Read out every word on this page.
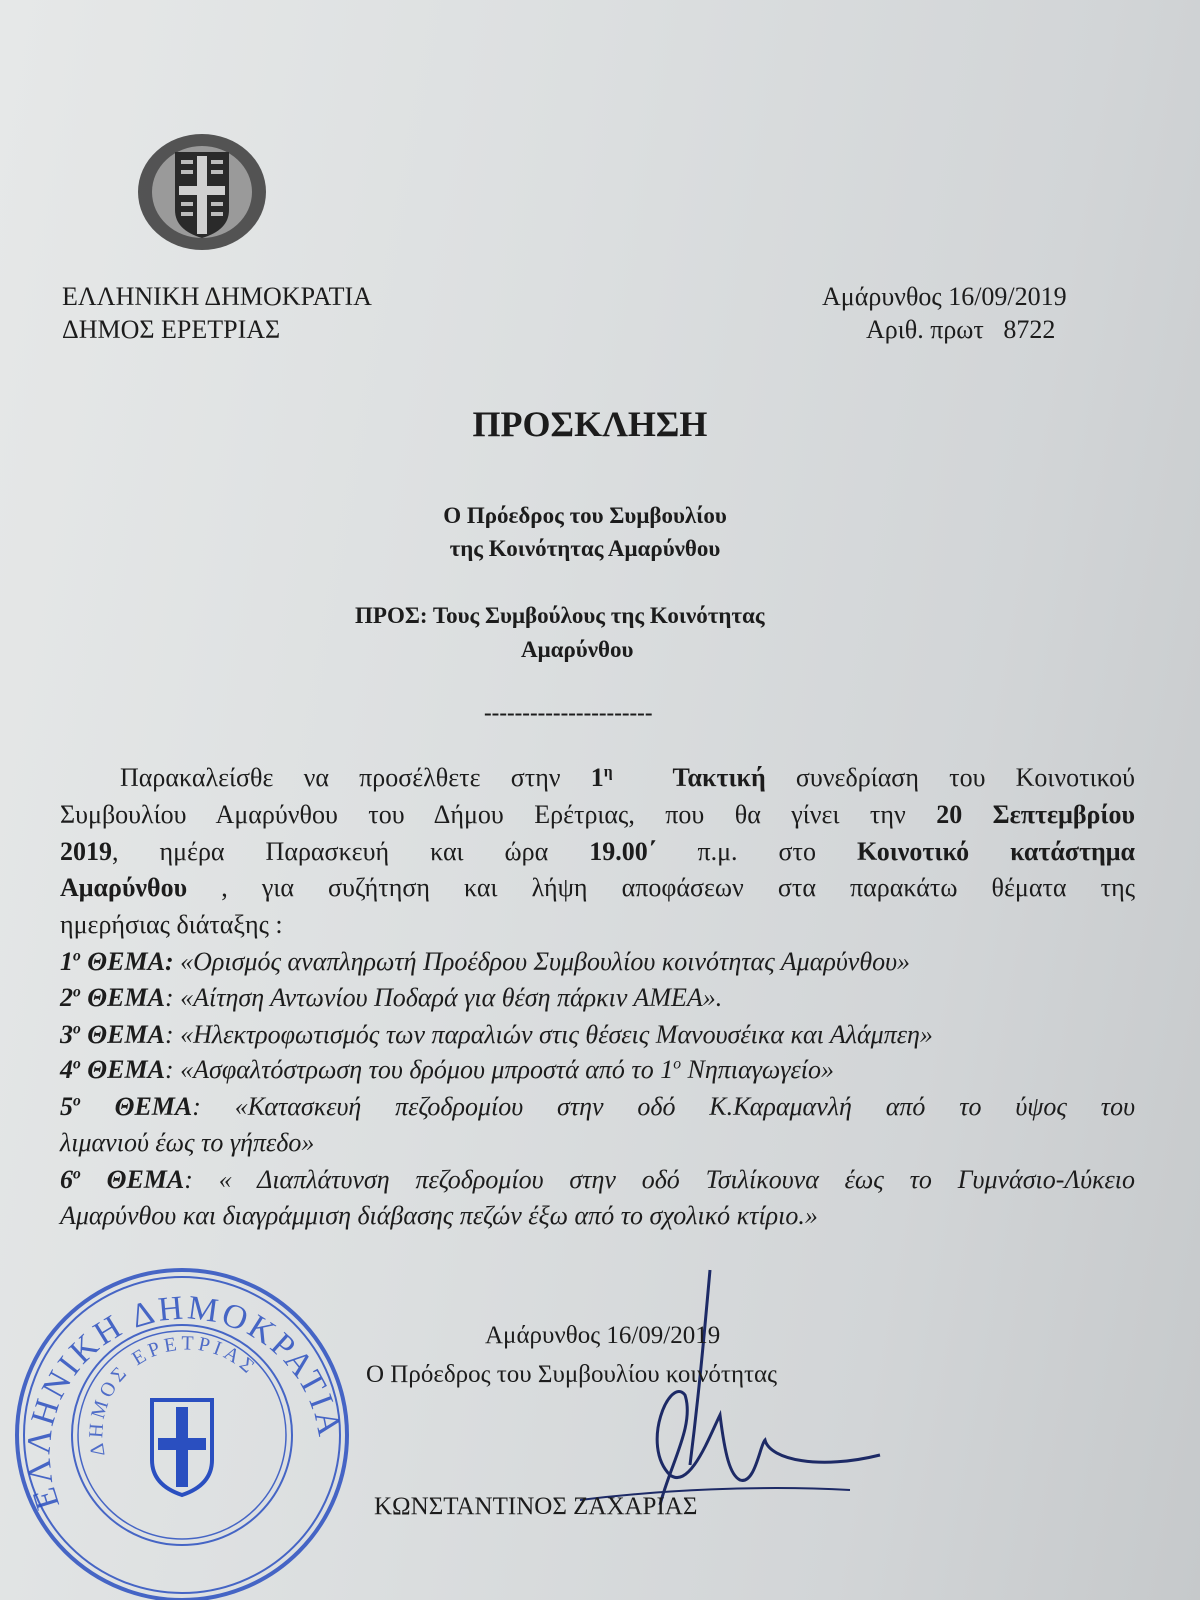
ΕΛΛΗΝΙΚΗ ΔΗΜΟΚΡΑΤΙΑ
ΔΗΜΟΣ ΕΡΕΤΡΙΑΣ
Αμάρυνθος 16/09/2019
Αριθ. πρωτ 8722
ΠΡΟΣΚΛΗΣΗ
Ο Πρόεδρος του Συμβουλίου
της Κοινότητας Αμαρύνθου
ΠΡΟΣ: Τους Συμβούλους της Κοινότητας
Αμαρύνθου
----------------------
Παρακαλείσθε να προσέλθετε στην $1^\eta$ Τακτική συνεδρίαση του Κοινοτικού
Συμβουλίου Αμαρύνθου του Δήμου Ερέτριας, που θα γίνει την 20 Σεπτεμβρίου
2019, ημέρα Παρασκευή και ώρα 19.00΄ π.μ. στο Κοινοτικό κατάστημα
Αμαρύνθου , για συζήτηση και λήψη αποφάσεων στα παρακάτω θέματα της
ημερήσιας διάταξης :
$1^o$ ΘΕΜΑ: «Ορισμός αναπληρωτή Προέδρου Συμβουλίου κοινότητας Αμαρύνθου»
$2^o$ ΘΕΜΑ: «Αίτηση Αντωνίου Ποδαρά για θέση πάρκιν ΑΜΕΑ».
$3^o$ ΘΕΜΑ: «Ηλεκτροφωτισμός των παραλιών στις θέσεις Μανουσέικα και Αλάμπεη»
$4^o$ ΘΕΜΑ: «Ασφαλτόστρωση του δρόμου μπροστά από το $1^o$ Νηπιαγωγείο»
$5^o$ ΘΕΜΑ: «Κατασκευή πεζοδρομίου στην οδό Κ.Καραμανλή από το ύψος του
λιμανιού έως το γήπεδο»
$6^o$ ΘΕΜΑ: « Διαπλάτυνση πεζοδρομίου στην οδό Τσιλίκουνα έως το Γυμνάσιο-Λύκειο
Αμαρύνθου και διαγράμμιση διάβασης πεζών έξω από το σχολικό κτίριο.»
ΕΛΛΗΝΙΚΗ ΔΗΜΟΚΡΑΤΙΑ
ΔΗΜΟΣ ΕΡΕΤΡΙΑΣ
Αμάρυνθος 16/09/2019
Ο Πρόεδρος του Συμβουλίου κοινότητας
ΚΩΝΣΤΑΝΤΙΝΟΣ ΖΑΧΑΡΙΑΣ
